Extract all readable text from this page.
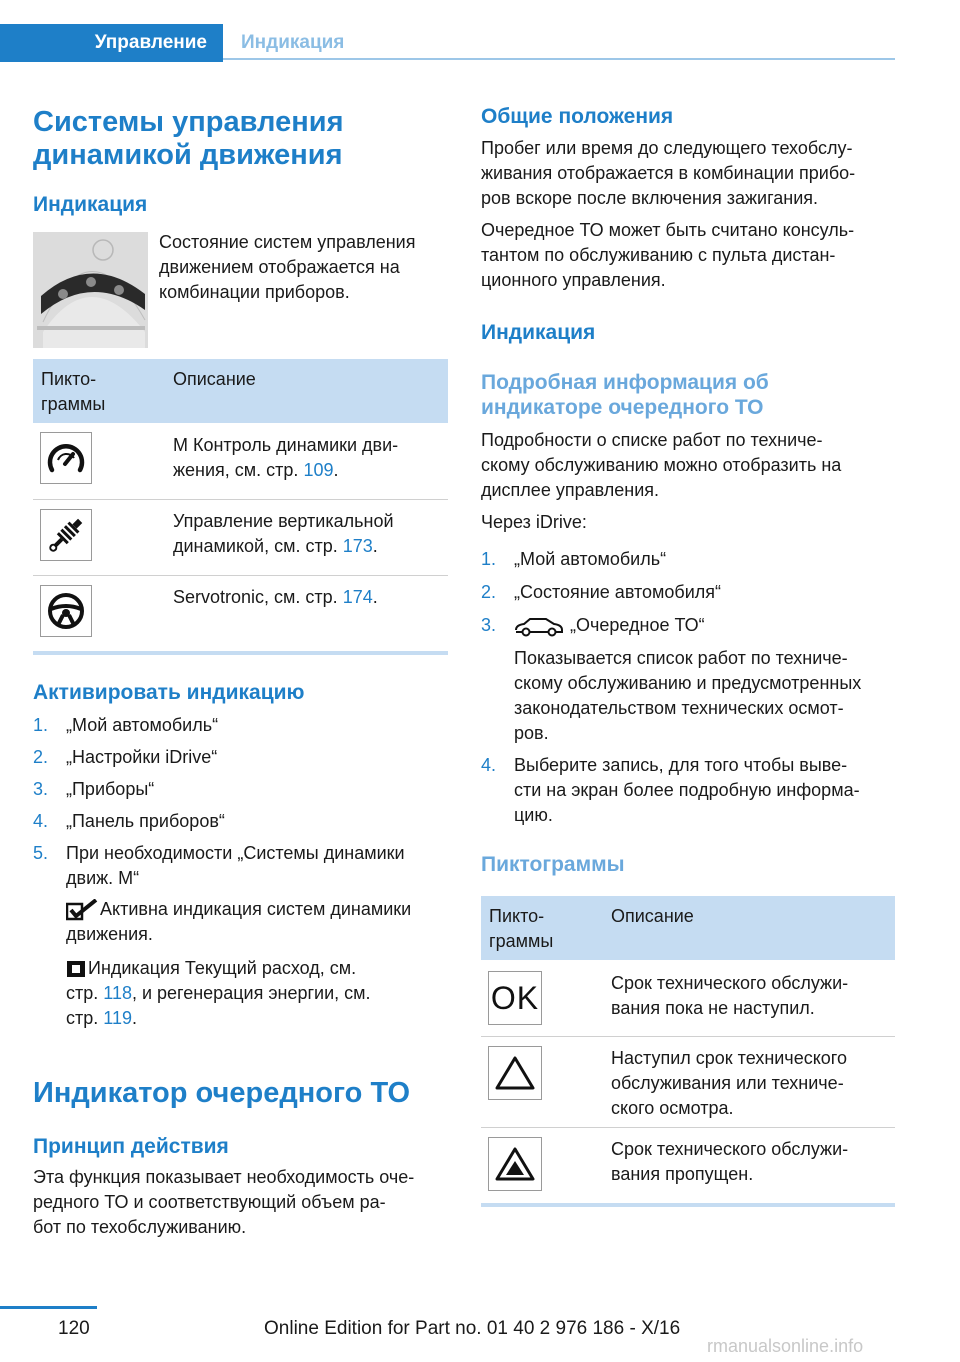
Управление	Индикация
Системы управления
динамикой движения
Индикация

Состояние систем управления
движением отображается на
комбинации приборов.

Пикто-
граммы

Описание

M Контроль динамики дви-
жения, см. стр. 109.

Управление вертикальной
динамикой, см. стр. 173.

Servotronic, см. стр. 174.

Активировать индикацию
1. „Мой автомобиль“
2. „Настройки iDrive“
3. „Приборы“
4. „Панель приборов“
5. При необходимости „Системы динамики
движ. M“

Активна индикация систем динамики

движения.

Индикация Текущий расход, см.

стр. 118, и регенерация энергии, см.

стр. 119.

Индикатор очередного ТО
Принцип действия

Эта функция показывает необходимость оче-
редного ТО и соответствующий объем ра-
бот по техобслуживанию.

Общие положения

Пробег или время до следующего техобслу-
живания отображается в комбинации прибо-
ров вскоре после включения зажигания.

Очередное ТО может быть считано консуль-
тантом по обслуживанию с пульта дистан-
ционного управления.

Индикация
Подробная информация об
индикаторе очередного ТО

Подробности о списке работ по техниче-
скому обслуживанию можно отобразить на
дисплее управления.

Через iDrive:

1. „Мой автомобиль“
2. „Состояние автомобиля“
3.	„Очередное ТО“
Показывается список работ по техниче-
скому обслуживанию и предусмотренных
законодательством технических осмот-
ров.
4. Выберите запись, для того чтобы выве-
сти на экран более подробную информа-
цию.
Пиктограммы

Пикто-
граммы

Описание

OK	Срок технического обслужи-
вания пока не наступил.

Наступил срок технического
обслуживания или техниче-
ского осмотра.

Срок технического обслужи-
вания пропущен.

120	Online Edition for Part no. 01 40 2 976 186 - X/16
rmanualsonline.info
